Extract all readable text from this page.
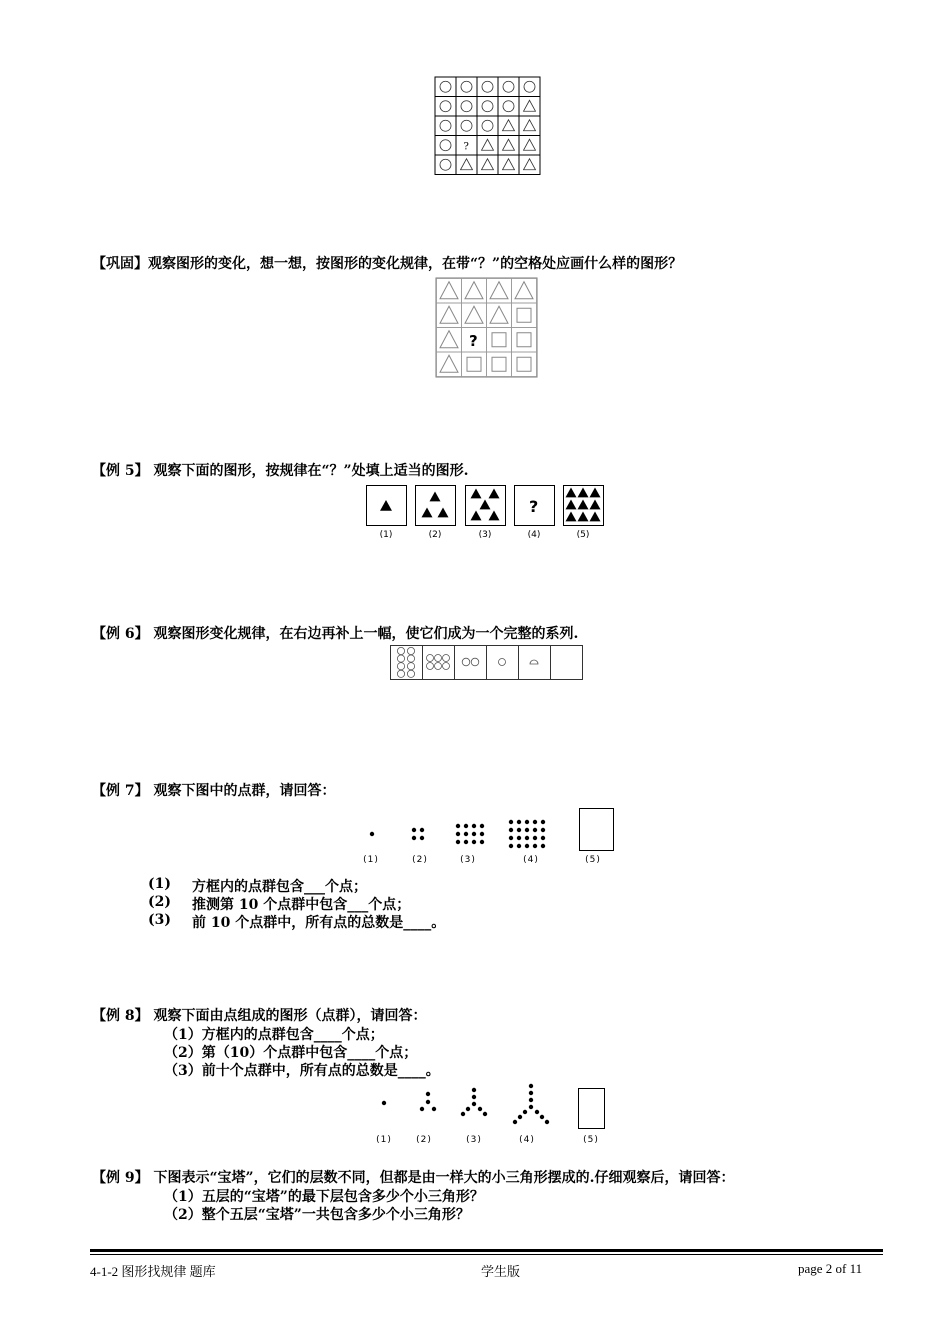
?
【巩固】观察图形的变化，想一想，按图形的变化规律，在带“？”的空格处应画什么样的图形？
?
【例 5】 观察下面的图形，按规律在“？”处填上适当的图形.
(1)	(2)	(3)
?
(4)	(5)
【例 6】 观察图形变化规律，在右边再补上一幅，使它们成为一个完整的系列.
【例 7】 观察下图中的点群，请回答：
(1)	(2)	(3)	(4)	(5)
(1) 方框内的点群包含___个点；
(2) 推测第 10 个点群中包含___个点；
(3) 前 10 个点群中，所有点的总数是____。
【例 8】 观察下面由点组成的图形（点群），请回答：
（1）方框内的点群包含____个点；
（2）第（10）个点群中包含____个点；
（3）前十个点群中，所有点的总数是____。
(1)	(2)	(3)	(4)	(5)
【例 9】 下图表示“宝塔”，它们的层数不同，但都是由一样大的小三角形摆成的.仔细观察后，请回答：
（1）五层的“宝塔”的最下层包含多少个小三角形？
（2）整个五层“宝塔”一共包含多少个小三角形？
4-1-2 图形找规律 题库	学生版	page 2 of 11
